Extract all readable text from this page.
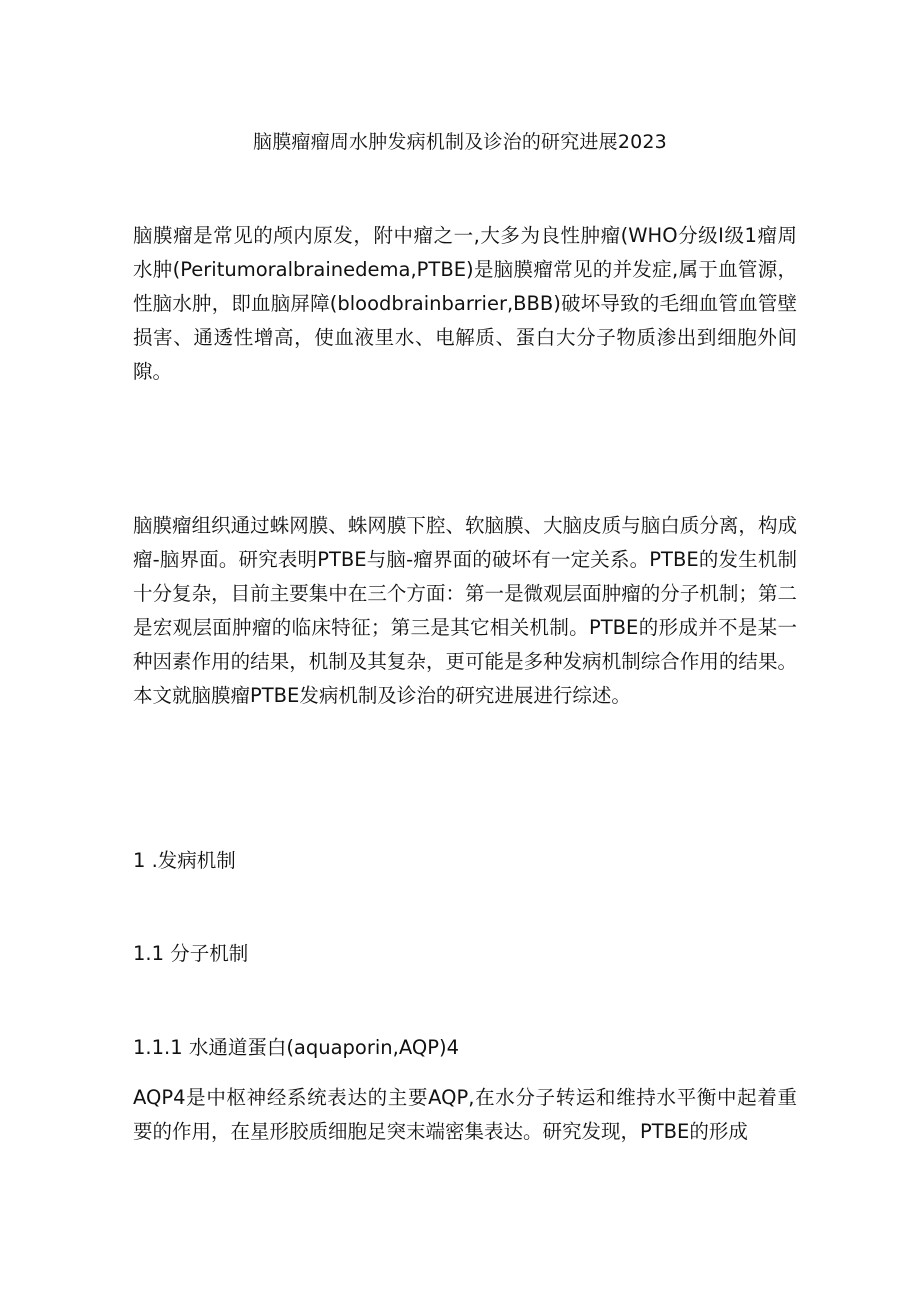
脑膜瘤瘤周水肿发病机制及诊治的研究进展2023
脑膜瘤是常见的颅内原发，附中瘤之一,大多为良性肿瘤(WHO分级I级1瘤周水肿(Peritumoralbrainedema,PTBE)是脑膜瘤常见的并发症,属于血管源，性脑水肿，即血脑屏障(bloodbrainbarrier,BBB)破坏导致的毛细血管血管壁损害、通透性增高，使血液里水、电解质、蛋白大分子物质渗出到细胞外间隙。
脑膜瘤组织通过蛛网膜、蛛网膜下腔、软脑膜、大脑皮质与脑白质分离，构成瘤-脑界面。研究表明PTBE与脑-瘤界面的破坏有一定关系。PTBE的发生机制十分复杂，目前主要集中在三个方面：第一是微观层面肿瘤的分子机制；第二是宏观层面肿瘤的临床特征；第三是其它相关机制。PTBE的形成并不是某一种因素作用的结果，机制及其复杂，更可能是多种发病机制综合作用的结果。本文就脑膜瘤PTBE发病机制及诊治的研究进展进行综述。
1 .发病机制
1.1 分子机制
1.1.1 水通道蛋白(aquaporin,AQP)4
AQP4是中枢神经系统表达的主要AQP,在水分子转运和维持水平衡中起着重要的作用，在星形胶质细胞足突末端密集表达。研究发现，PTBE的形成
